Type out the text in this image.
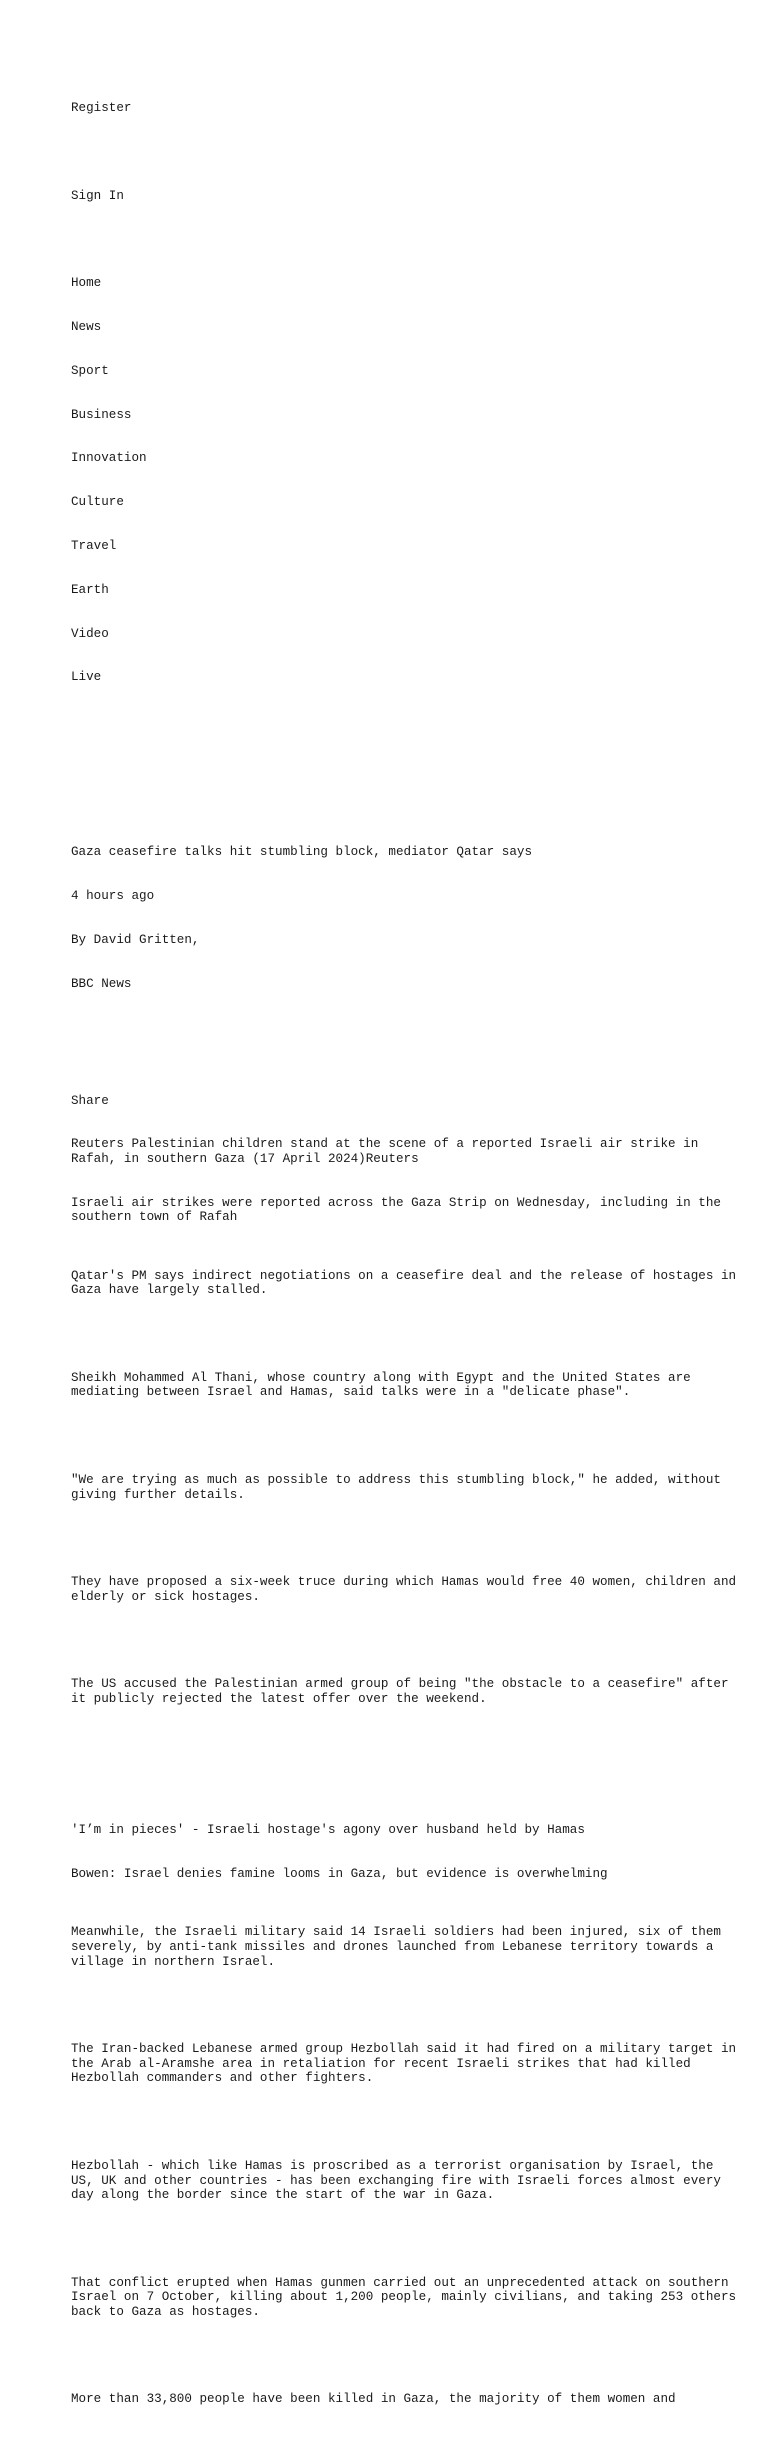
Register

Sign In

Home

News

Sport

Business

Innovation

Culture

Travel

Earth

Video

Live

Gaza ceasefire talks hit stumbling block, mediator Qatar says

4 hours ago

By David Gritten,

BBC News

Share

Reuters Palestinian children stand at the scene of a reported Israeli air strike in Rafah, in southern Gaza (17 April 2024)Reuters

Israeli air strikes were reported across the Gaza Strip on Wednesday, including in the southern town of Rafah

Qatar's PM says indirect negotiations on a ceasefire deal and the release of hostages in Gaza have largely stalled.

Sheikh Mohammed Al Thani, whose country along with Egypt and the United States are mediating between Israel and Hamas, said talks were in a "delicate phase".

"We are trying as much as possible to address this stumbling block," he added, without giving further details.

They have proposed a six-week truce during which Hamas would free 40 women, children and elderly or sick hostages.

The US accused the Palestinian armed group of being "the obstacle to a ceasefire" after it publicly rejected the latest offer over the weekend.

'I’m in pieces' - Israeli hostage's agony over husband held by Hamas

Bowen: Israel denies famine looms in Gaza, but evidence is overwhelming

Meanwhile, the Israeli military said 14 Israeli soldiers had been injured, six of them severely, by anti-tank missiles and drones launched from Lebanese territory towards a village in northern Israel.

The Iran-backed Lebanese armed group Hezbollah said it had fired on a military target in the Arab al-Aramshe area in retaliation for recent Israeli strikes that had killed Hezbollah commanders and other fighters.

Hezbollah - which like Hamas is proscribed as a terrorist organisation by Israel, the US, UK and other countries - has been exchanging fire with Israeli forces almost every day along the border since the start of the war in Gaza.

That conflict erupted when Hamas gunmen carried out an unprecedented attack on southern Israel on 7 October, killing about 1,200 people, mainly civilians, and taking 253 others back to Gaza as hostages.

More than 33,800 people have been killed in Gaza, the majority of them women and
